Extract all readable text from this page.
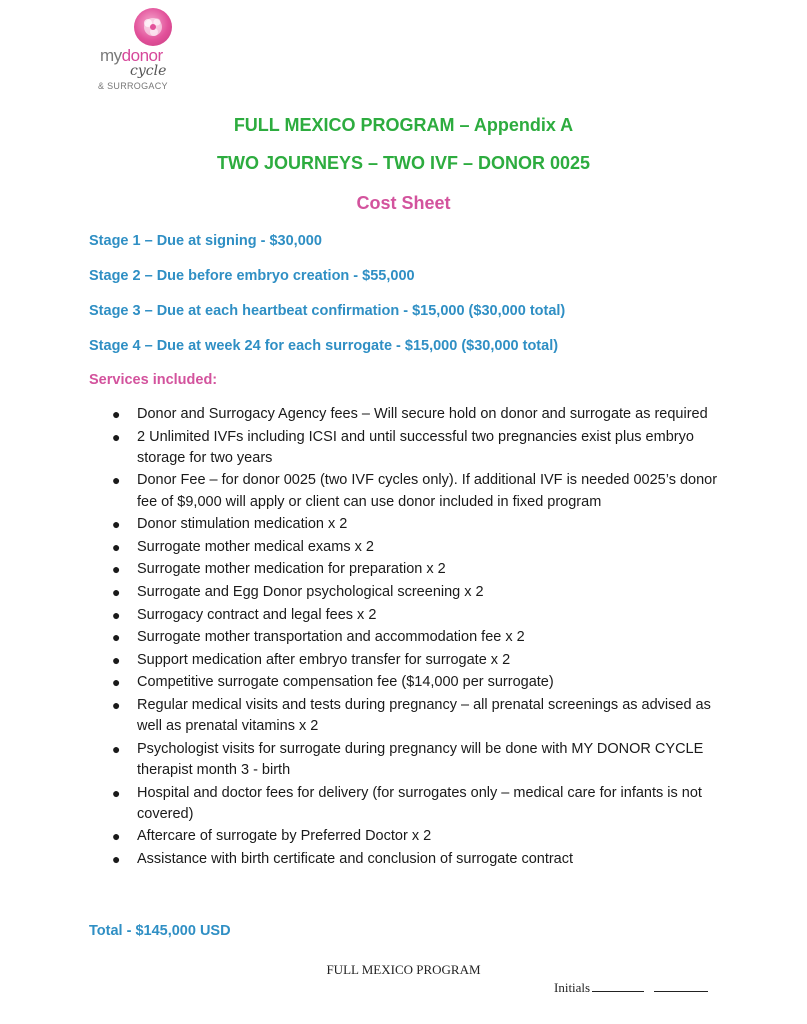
mydonor
cycle
& SURROGACY
FULL MEXICO PROGRAM – Appendix A
TWO JOURNEYS – TWO IVF – DONOR 0025
Cost Sheet
Stage 1 – Due at signing - $30,000
Stage 2 – Due before embryo creation - $55,000
Stage 3 – Due at each heartbeat confirmation - $15,000 ($30,000 total)
Stage 4 – Due at week 24 for each surrogate - $15,000 ($30,000 total)
Services included:
● Donor and Surrogacy Agency fees – Will secure hold on donor and surrogate as required
● 2 Unlimited IVFs including ICSI and until successful two pregnancies exist plus embryo storage for two years
● Donor Fee – for donor 0025 (two IVF cycles only). If additional IVF is needed 0025’s donor fee of $9,000 will apply or client can use donor included in fixed program
● Donor stimulation medication x 2
● Surrogate mother medical exams x 2
● Surrogate mother medication for preparation x 2
● Surrogate and Egg Donor psychological screening x 2
● Surrogacy contract and legal fees x 2
● Surrogate mother transportation and accommodation fee x 2
● Support medication after embryo transfer for surrogate x 2
● Competitive surrogate compensation fee ($14,000 per surrogate)
● Regular medical visits and tests during pregnancy – all prenatal screenings as advised as well as prenatal vitamins x 2
● Psychologist visits for surrogate during pregnancy will be done with MY DONOR CYCLE therapist month 3 - birth
● Hospital and doctor fees for delivery (for surrogates only – medical care for infants is not covered)
● Aftercare of surrogate by Preferred Doctor x 2
● Assistance with birth certificate and conclusion of surrogate contract
Total - $145,000 USD
FULL MEXICO PROGRAM
Initials
